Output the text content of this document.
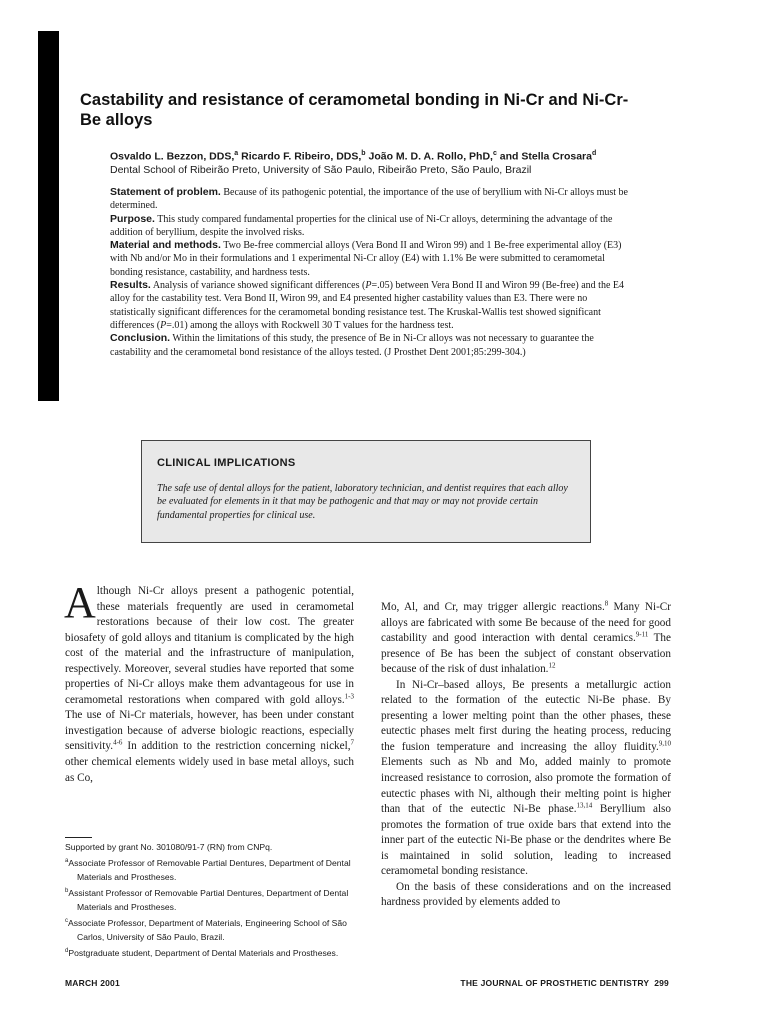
Castability and resistance of ceramometal bonding in Ni-Cr and Ni-Cr-Be alloys
Osvaldo L. Bezzon, DDS,$^a$ Ricardo F. Ribeiro, DDS,$^b$ João M. D. A. Rollo, PhD,$^c$ and Stella Crosara$^d$
Dental School of Ribeirão Preto, University of São Paulo, Ribeirão Preto, São Paulo, Brazil

Statement of problem. Because of its pathogenic potential, the importance of the use of beryllium with Ni-Cr alloys must be determined.

Purpose. This study compared fundamental properties for the clinical use of Ni-Cr alloys, determining the advantage of the addition of beryllium, despite the involved risks.

Material and methods. Two Be-free commercial alloys (Vera Bond II and Wiron 99) and 1 Be-free experimental alloy (E3) with Nb and/or Mo in their formulations and 1 experimental Ni-Cr alloy (E4) with 1.1% Be were submitted to ceramometal bonding resistance, castability, and hardness tests.

Results. Analysis of variance showed significant differences (P=.05) between Vera Bond II and Wiron 99 (Be-free) and the E4 alloy for the castability test. Vera Bond II, Wiron 99, and E4 presented higher castability values than E3. There were no statistically significant differences for the ceramometal bonding resistance test. The Kruskal-Wallis test showed significant differences (P=.01) among the alloys with Rockwell 30 T values for the hardness test.

Conclusion. Within the limitations of this study, the presence of Be in Ni-Cr alloys was not necessary to guarantee the castability and the ceramometal bond resistance of the alloys tested. (J Prosthet Dent 2001;85:299-304.)

CLINICAL IMPLICATIONS
The safe use of dental alloys for the patient, laboratory technician, and dentist requires that each alloy be evaluated for elements in it that may be pathogenic and that may or may not provide certain fundamental properties for clinical use.

Although Ni-Cr alloys present a pathogenic potential, these materials frequently are used in ceramometal restorations because of their low cost. The greater biosafety of gold alloys and titanium is complicated by the high cost of the material and the infrastructure of manipulation, respectively. Moreover, several studies have reported that some properties of Ni-Cr alloys make them advantageous for use in ceramometal restorations when compared with gold alloys.$^{1-3}$ The use of Ni-Cr materials, however, has been under constant investigation because of adverse biologic reactions, especially sensitivity.$^{4-6}$ In addition to the restriction concerning nickel,$^7$ other chemical elements widely used in base metal alloys, such as Co,

Supported by grant No. 301080/91-7 (RN) from CNPq.

$^a$Associate Professor of Removable Partial Dentures, Department of Dental Materials and Prostheses.

$^b$Assistant Professor of Removable Partial Dentures, Department of Dental Materials and Prostheses.

$^c$Associate Professor, Department of Materials, Engineering School of São Carlos, University of São Paulo, Brazil.

$^d$Postgraduate student, Department of Dental Materials and Prostheses.

Mo, Al, and Cr, may trigger allergic reactions.$^8$ Many Ni-Cr alloys are fabricated with some Be because of the need for good castability and good interaction with dental ceramics.$^{9-11}$ The presence of Be has been the subject of constant observation because of the risk of dust inhalation.$^{12}$

In Ni-Cr–based alloys, Be presents a metallurgic action related to the formation of the eutectic Ni-Be phase. By presenting a lower melting point than the other phases, these eutectic phases melt first during the heating process, reducing the fusion temperature and increasing the alloy fluidity.$^{9,10}$ Elements such as Nb and Mo, added mainly to promote increased resistance to corrosion, also promote the formation of eutectic phases with Ni, although their melting point is higher than that of the eutectic Ni-Be phase.$^{13,14}$ Beryllium also promotes the formation of true oxide bars that extend into the inner part of the eutectic Ni-Be phase or the dendrites where Be is maintained in solid solution, leading to increased ceramometal bonding resistance.

On the basis of these considerations and on the increased hardness provided by elements added to

MARCH 2001	THE JOURNAL OF PROSTHETIC DENTISTRY  299
